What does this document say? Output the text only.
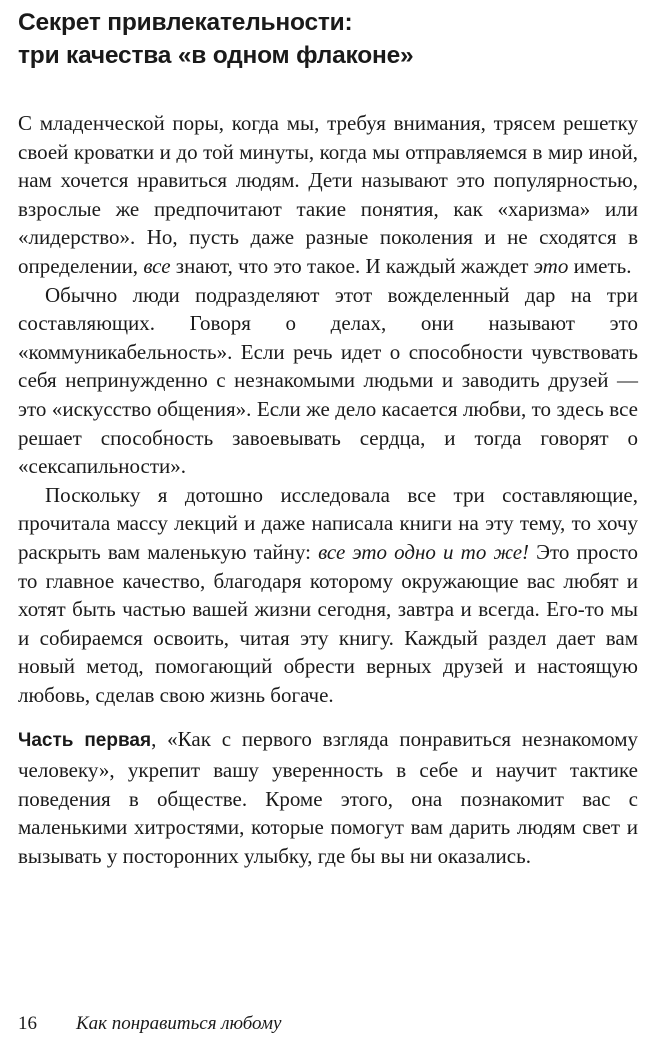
Секрет привлекательности:
три качества «в одном флаконе»

С младенческой поры, когда мы, требуя внимания, трясем решетку своей кроватки и до той минуты, когда мы отправляемся в мир иной, нам хочется нравиться людям. Дети называют это популярностью, взрослые же предпочитают такие понятия, как «харизма» или «лидерство». Но, пусть даже разные поколения и не сходятся в определении, все знают, что это такое. И каждый жаждет это иметь.

Обычно люди подразделяют этот вожделенный дар на три составляющих. Говоря о делах, они называют это «коммуникабельность». Если речь идет о способности чувствовать себя непринужденно с незнакомыми людьми и заводить друзей — это «искусство общения». Если же дело касается любви, то здесь все решает способность завоевывать сердца, и тогда говорят о «сексапильности».

Поскольку я дотошно исследовала все три составляющие, прочитала массу лекций и даже написала книги на эту тему, то хочу раскрыть вам маленькую тайну: все это одно и то же! Это просто то главное качество, благодаря которому окружающие вас любят и хотят быть частью вашей жизни сегодня, завтра и всегда. Его-то мы и собираемся освоить, читая эту книгу. Каждый раздел дает вам новый метод, помогающий обрести верных друзей и настоящую любовь, сделав свою жизнь богаче.

Часть первая, «Как с первого взгляда понравиться незнакомому человеку», укрепит вашу уверенность в себе и научит тактике поведения в обществе. Кроме этого, она познакомит вас с маленькими хитростями, которые помогут вам дарить людям свет и вызывать у посторонних улыбку, где бы вы ни оказались.

16 Как понравиться любому
